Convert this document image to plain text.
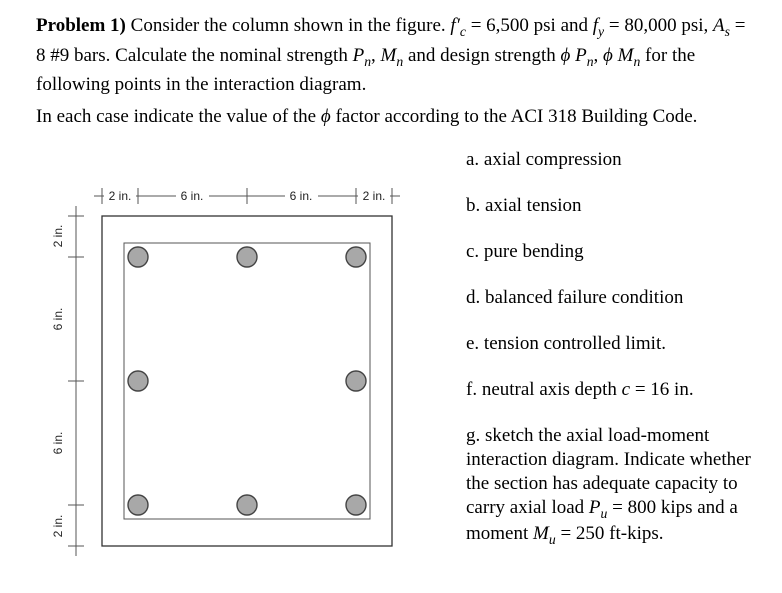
Problem 1) Consider the column shown in the figure. $f'_c = 6,500$ psi and $f_y = 80,000$ psi, $A_s = 8$ #9 bars. Calculate the nominal strength $P_n$, $M_n$ and design strength ϕ $P_n$, ϕ $M_n$ for the following points in the interaction diagram.

In each case indicate the value of the ϕ factor according to the ACI 318 Building Code.

2 in.	6 in.	6 in.	2 in.
2 in.
6 in.
6 in.
2 in.

a. axial compression

b. axial tension

c. pure bending

d. balanced failure condition

e. tension controlled limit.

f. neutral axis depth c = 16 in.

g. sketch the axial load-moment interaction diagram. Indicate whether the section has adequate capacity to carry axial load $P_u = 800$ kips and a moment $M_u = 250$ ft-kips.
